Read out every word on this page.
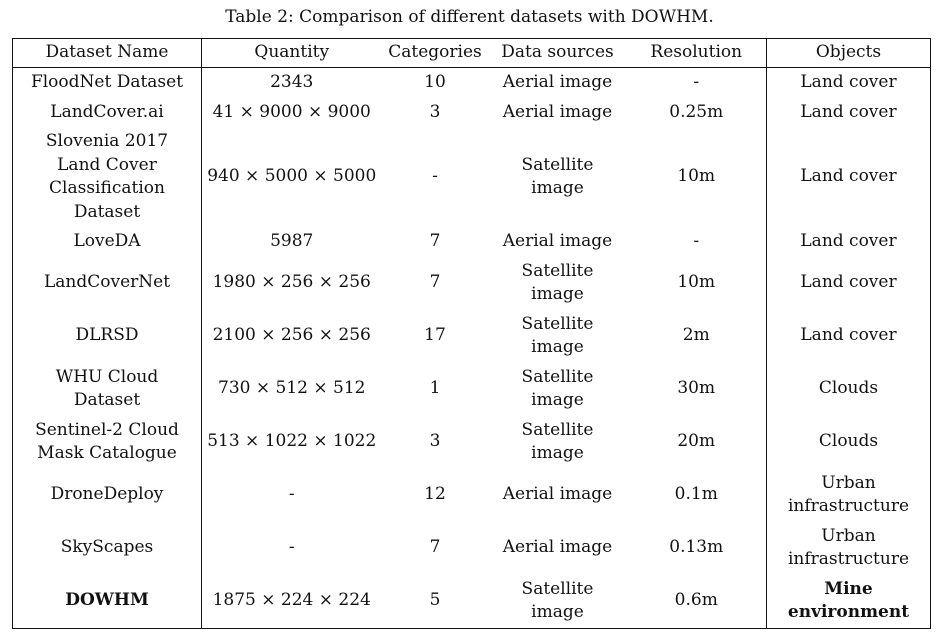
Table 2: Comparison of different datasets with DOWHM.
Dataset Name	Quantity	Categories	Data sources	Resolution	Objects
FloodNet Dataset	2343	10	Aerial image	-	Land cover
LandCover.ai	41 × 9000 × 9000	3	Aerial image	0.25m	Land cover
Slovenia 2017 Land Cover Classification Dataset	940 × 5000 × 5000	-	Satellite image	10m	Land cover
LoveDA	5987	7	Aerial image	-	Land cover
LandCoverNet	1980 × 256 × 256	7	Satellite image	10m	Land cover
DLRSD	2100 × 256 × 256	17	Satellite image	2m	Land cover
WHU Cloud Dataset	730 × 512 × 512	1	Satellite image	30m	Clouds
Sentinel-2 Cloud Mask Catalogue	513 × 1022 × 1022	3	Satellite image	20m	Clouds
DroneDeploy	-	12	Aerial image	0.1m	Urban infrastructure
SkyScapes	-	7	Aerial image	0.13m	Urban infrastructure
DOWHM	1875 × 224 × 224	5	Satellite image	0.6m	Mine environment
